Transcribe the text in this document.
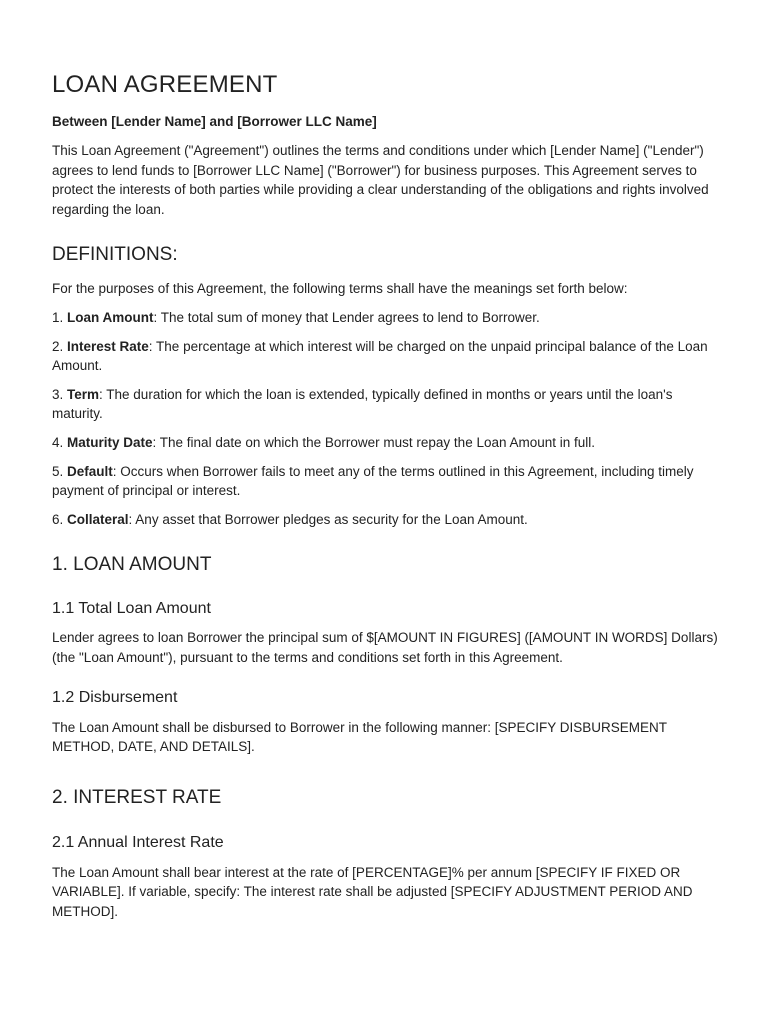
LOAN AGREEMENT

Between [Lender Name] and [Borrower LLC Name]

This Loan Agreement ("Agreement") outlines the terms and conditions under which [Lender Name] ("Lender") agrees to lend funds to [Borrower LLC Name] ("Borrower") for business purposes. This Agreement serves to protect the interests of both parties while providing a clear understanding of the obligations and rights involved regarding the loan.

DEFINITIONS:

For the purposes of this Agreement, the following terms shall have the meanings set forth below:

1. Loan Amount: The total sum of money that Lender agrees to lend to Borrower.

2. Interest Rate: The percentage at which interest will be charged on the unpaid principal balance of the Loan Amount.

3. Term: The duration for which the loan is extended, typically defined in months or years until the loan's maturity.

4. Maturity Date: The final date on which the Borrower must repay the Loan Amount in full.

5. Default: Occurs when Borrower fails to meet any of the terms outlined in this Agreement, including timely payment of principal or interest.

6. Collateral: Any asset that Borrower pledges as security for the Loan Amount.

1. LOAN AMOUNT
1.1 Total Loan Amount

Lender agrees to loan Borrower the principal sum of $[AMOUNT IN FIGURES] ([AMOUNT IN WORDS] Dollars) (the "Loan Amount"), pursuant to the terms and conditions set forth in this Agreement.

1.2 Disbursement

The Loan Amount shall be disbursed to Borrower in the following manner: [SPECIFY DISBURSEMENT METHOD, DATE, AND DETAILS].

2. INTEREST RATE
2.1 Annual Interest Rate

The Loan Amount shall bear interest at the rate of [PERCENTAGE]% per annum [SPECIFY IF FIXED OR VARIABLE]. If variable, specify: The interest rate shall be adjusted [SPECIFY ADJUSTMENT PERIOD AND METHOD].
